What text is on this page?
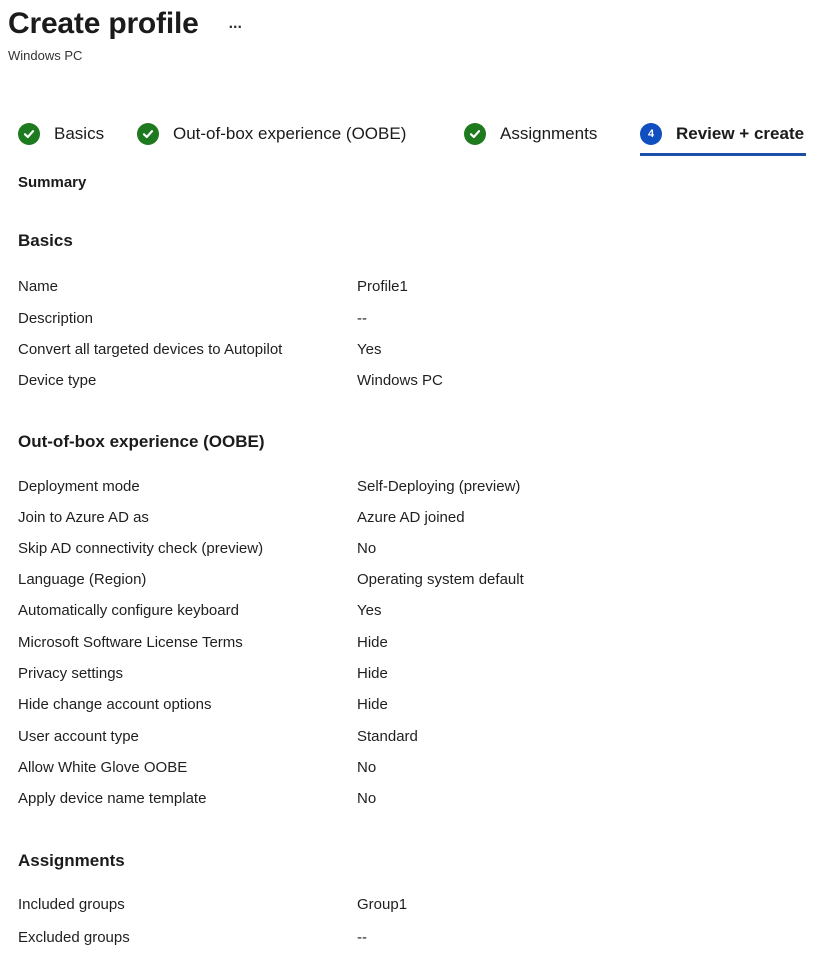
Create profile ...
Windows PC
Basics	Out-of-box experience (OOBE)	Assignments	4	Review + create
Summary
Basics
Name	Profile1
Description	--
Convert all targeted devices to Autopilot	Yes
Device type	Windows PC
Out-of-box experience (OOBE)
Deployment mode	Self-Deploying (preview)
Join to Azure AD as	Azure AD joined
Skip AD connectivity check (preview)	No
Language (Region)	Operating system default
Automatically configure keyboard	Yes
Microsoft Software License Terms	Hide
Privacy settings	Hide
Hide change account options	Hide
User account type	Standard
Allow White Glove OOBE	No
Apply device name template	No
Assignments
Included groups	Group1
Excluded groups	--
